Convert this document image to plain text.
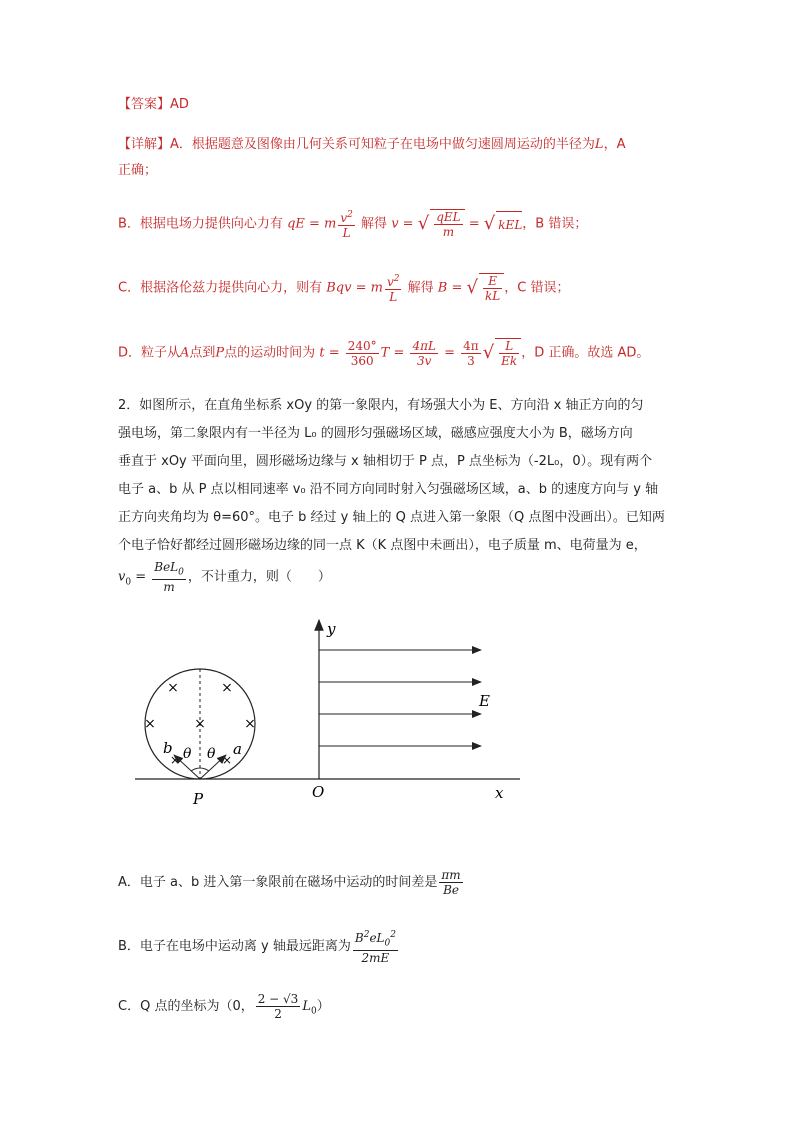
【答案】AD
【详解】A．根据题意及图像由几何关系可知粒子在电场中做匀速圆周运动的半径为L，A
正确；
B．根据电场力提供向心力有 qE = m $\frac{v^2}{L}$ 解得 v = √ $\frac{\text{qEL}}{m}$ = √ kEL，B 错误；
C．根据洛伦兹力提供向心力，则有 Bqv = m $\frac{v^2}{L}$ 解得 B = √ $\frac{E}{kL}$ ，C 错误；
D．粒子从A点到P点的运动时间为 $t = \frac{240^\circ}{360}$ $T = \frac{4\pi L}{3v} = \frac{4\pi}{3}$ √ $\frac{L}{Ek}$ ，D 正确。故选 AD。
2．如图所示，在直角坐标系 xOy 的第一象限内，有场强大小为 E、方向沿 x 轴正方向的匀
强电场，第二象限内有一半径为 L₀ 的圆形匀强磁场区域，磁感应强度大小为 B，磁场方向
垂直于 xOy 平面向里，圆形磁场边缘与 x 轴相切于 P 点，P 点坐标为（-2L₀，0）。现有两个
电子 a、b 从 P 点以相同速率 v₀ 沿不同方向同时射入匀强磁场区域，a、b 的速度方向与 y 轴
正方向夹角均为 θ=60°。电子 b 经过 y 轴上的 Q 点进入第一象限（Q 点图中没画出）。已知两
个电子恰好都经过圆形磁场边缘的同一点 K（K 点图中未画出），电子质量 m、电荷量为 e，
$v_0 = \frac{BeL_0}{m}$ ，不计重力，则（　　）
×	×
×	×	×
×	×
b θ θ a
P	O	x
y
E
A．电子 a、b 进入第一象限前在磁场中运动的时间差是 $\frac{\pi m}{Be}$
B．电子在电场中运动离 y 轴最远距离为 $\frac{B^2eL_0^2}{2mE}$
C．Q 点的坐标为（0， $\frac{2 - √3}{2} L_0$）
